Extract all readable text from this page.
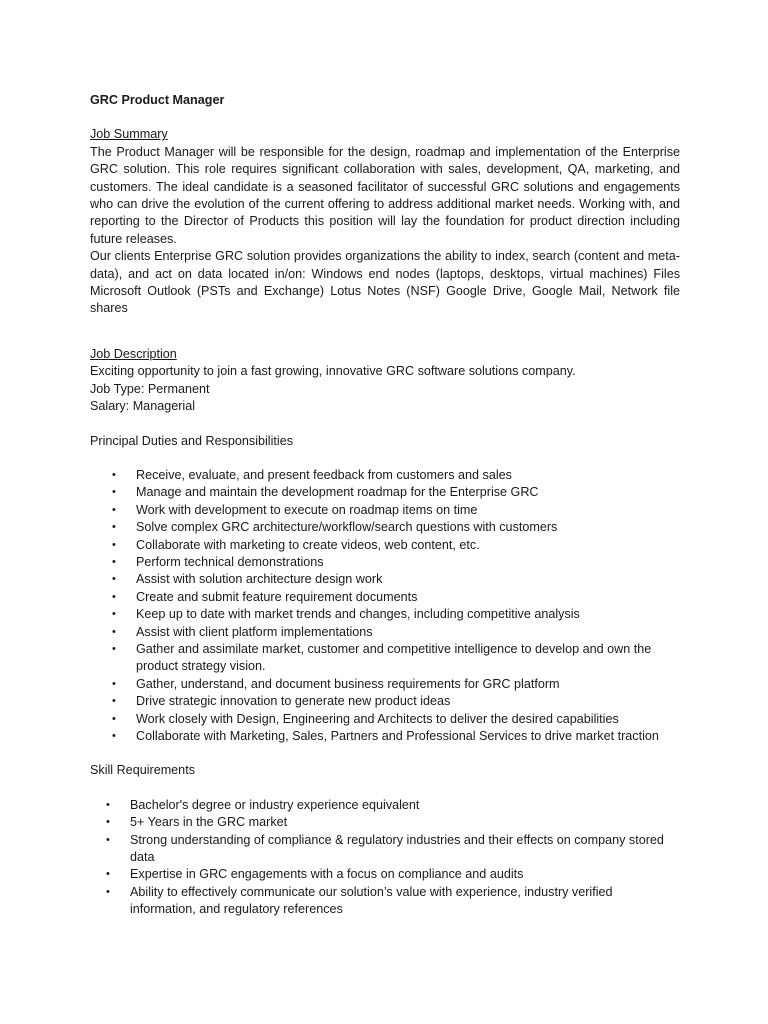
GRC Product Manager

Job Summary

The Product Manager will be responsible for the design, roadmap and implementation of the Enterprise GRC solution. This role requires significant collaboration with sales, development, QA, marketing, and customers. The ideal candidate is a seasoned facilitator of successful GRC solutions and engagements who can drive the evolution of the current offering to address additional market needs. Working with, and reporting to the Director of Products this position will lay the foundation for product direction including future releases.

Our clients Enterprise GRC solution provides organizations the ability to index, search (content and meta-data), and act on data located in/on: Windows end nodes (laptops, desktops, virtual machines) Files Microsoft Outlook (PSTs and Exchange) Lotus Notes (NSF) Google Drive, Google Mail, Network file shares

Job Description

Exciting opportunity to join a fast growing, innovative GRC software solutions company.

Job Type: Permanent

Salary: Managerial

Principal Duties and Responsibilities

• Receive, evaluate, and present feedback from customers and sales
• Manage and maintain the development roadmap for the Enterprise GRC
• Work with development to execute on roadmap items on time
• Solve complex GRC architecture/workflow/search questions with customers
• Collaborate with marketing to create videos, web content, etc.
• Perform technical demonstrations
• Assist with solution architecture design work
• Create and submit feature requirement documents
• Keep up to date with market trends and changes, including competitive analysis
• Assist with client platform implementations
• Gather and assimilate market, customer and competitive intelligence to develop and own the product strategy vision.
• Gather, understand, and document business requirements for GRC platform
• Drive strategic innovation to generate new product ideas
• Work closely with Design, Engineering and Architects to deliver the desired capabilities
• Collaborate with Marketing, Sales, Partners and Professional Services to drive market traction

Skill Requirements

• Bachelor's degree or industry experience equivalent
• 5+ Years in the GRC market
• Strong understanding of compliance & regulatory industries and their effects on company stored data
• Expertise in GRC engagements with a focus on compliance and audits
• Ability to effectively communicate our solution’s value with experience, industry verified information, and regulatory references
